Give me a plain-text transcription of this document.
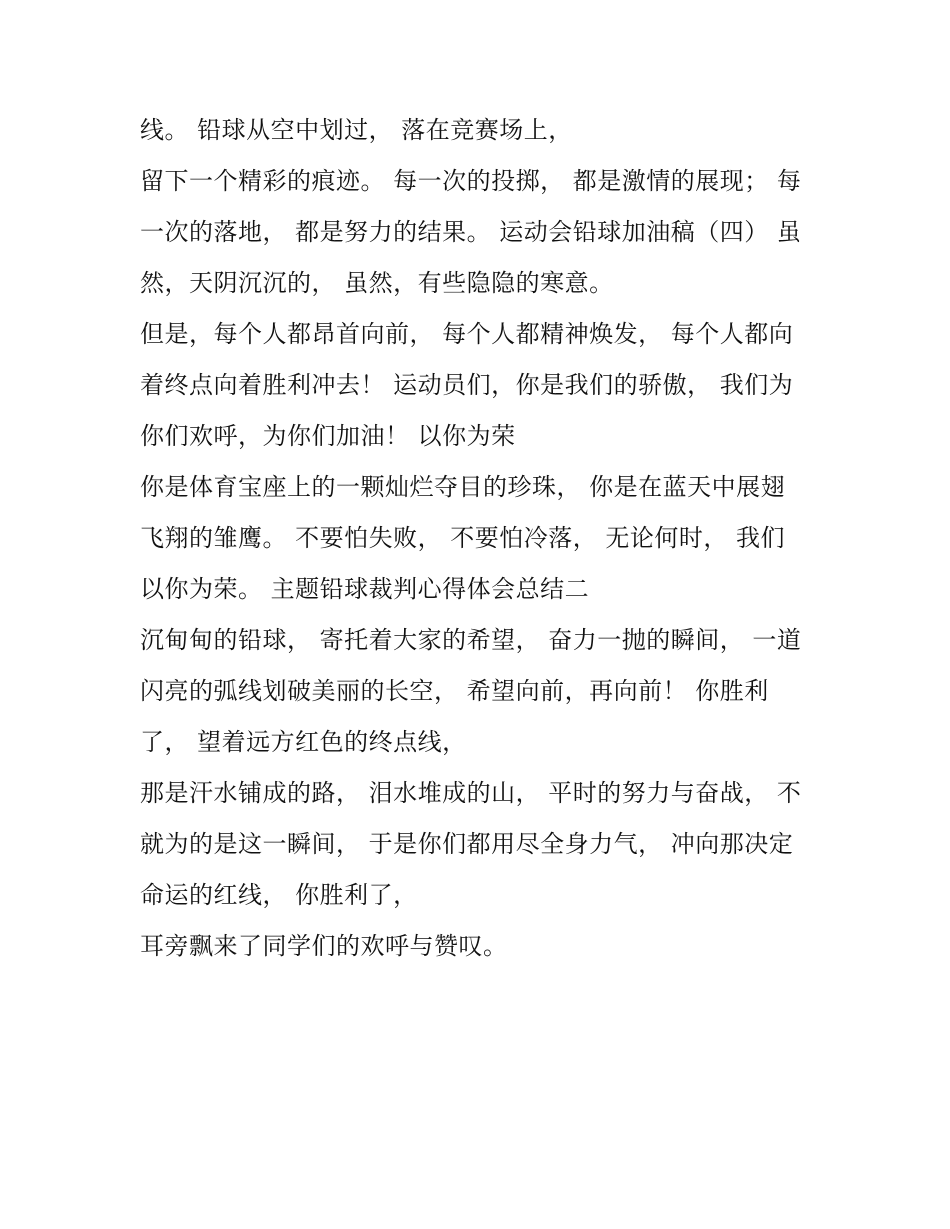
线。 铅球从空中划过， 落在竞赛场上，
留下一个精彩的痕迹。 每一次的投掷， 都是激情的展现； 每
一次的落地， 都是努力的结果。 运动会铅球加油稿（四） 虽
然，天阴沉沉的， 虽然，有些隐隐的寒意。
但是，每个人都昂首向前， 每个人都精神焕发， 每个人都向
着终点向着胜利冲去！ 运动员们，你是我们的骄傲， 我们为
你们欢呼，为你们加油！ 以你为荣
你是体育宝座上的一颗灿烂夺目的珍珠， 你是在蓝天中展翅
飞翔的雏鹰。 不要怕失败， 不要怕冷落， 无论何时， 我们
以你为荣。 主题铅球裁判心得体会总结二
沉甸甸的铅球， 寄托着大家的希望， 奋力一抛的瞬间， 一道
闪亮的弧线划破美丽的长空， 希望向前，再向前！ 你胜利
了， 望着远方红色的终点线，
那是汗水铺成的路， 泪水堆成的山， 平时的努力与奋战， 不
就为的是这一瞬间， 于是你们都用尽全身力气， 冲向那决定
命运的红线， 你胜利了，
耳旁飘来了同学们的欢呼与赞叹。
